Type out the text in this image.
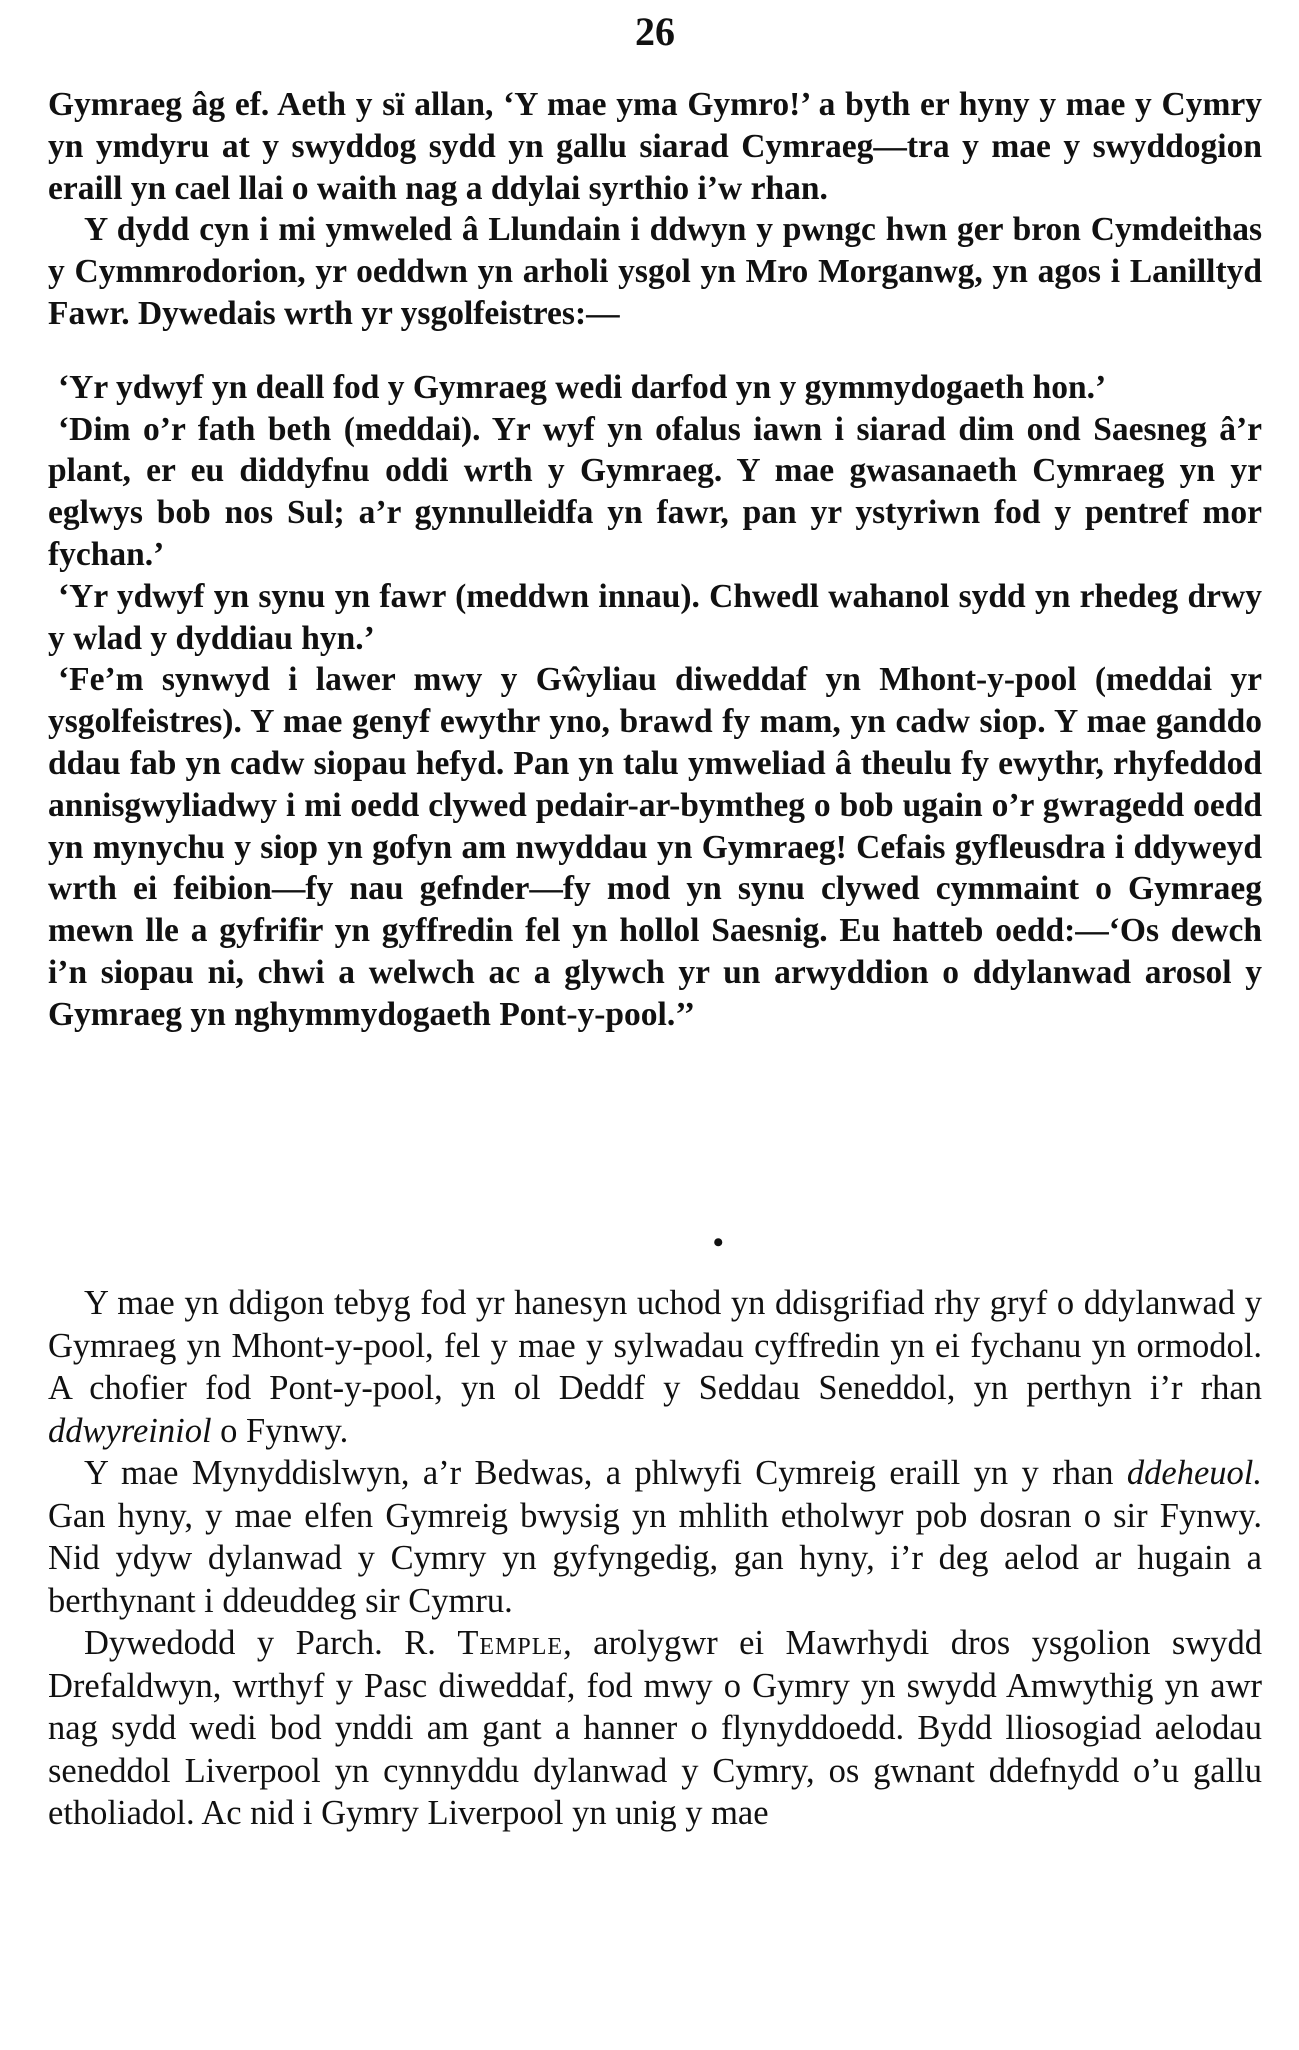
26

Gymraeg âg ef. Aeth y sï allan, ‘Y mae yma Gymro!’ a byth er hyny y mae y Cymry yn ymdyru at y swyddog sydd yn gallu siarad Cymraeg—tra y mae y swyddogion eraill yn cael llai o waith nag a ddylai syrthio i’w rhan.

Y dydd cyn i mi ymweled â Llundain i ddwyn y pwngc hwn ger bron Cymdeithas y Cymmrodorion, yr oeddwn yn arholi ysgol yn Mro Morganwg, yn agos i Lanilltyd Fawr. Dywedais wrth yr ysgolfeistres:—

‘Yr ydwyf yn deall fod y Gymraeg wedi darfod yn y gymmydogaeth hon.’

‘Dim o’r fath beth (meddai). Yr wyf yn ofalus iawn i siarad dim ond Saesneg â’r plant, er eu diddyfnu oddi wrth y Gymraeg. Y mae gwasanaeth Cymraeg yn yr eglwys bob nos Sul; a’r gynnulleidfa yn fawr, pan yr ystyriwn fod y pentref mor fychan.’

‘Yr ydwyf yn synu yn fawr (meddwn innau). Chwedl wahanol sydd yn rhedeg drwy y wlad y dyddiau hyn.’

‘Fe’m synwyd i lawer mwy y Gŵyliau diweddaf yn Mhont-y-pool (meddai yr ysgolfeistres). Y mae genyf ewythr yno, brawd fy mam, yn cadw siop. Y mae ganddo ddau fab yn cadw siopau hefyd. Pan yn talu ymweliad â theulu fy ewythr, rhyfeddod annisgwyliadwy i mi oedd clywed pedair-ar-bymtheg o bob ugain o’r gwragedd oedd yn mynychu y siop yn gofyn am nwyddau yn Gymraeg! Cefais gyfleusdra i ddyweyd wrth ei feibion—fy nau gefnder—fy mod yn synu clywed cymmaint o Gymraeg mewn lle a gyfrifir yn gyffredin fel yn hollol Saesnig. Eu hatteb oedd:—‘Os dewch i’n siopau ni, chwi a welwch ac a glywch yr un arwyddion o ddylanwad arosol y Gymraeg yn nghymmydogaeth Pont-y-pool.’’

•

Y mae yn ddigon tebyg fod yr hanesyn uchod yn ddisgrifiad rhy gryf o ddylanwad y Gymraeg yn Mhont-y-pool, fel y mae y sylwadau cyffredin yn ei fychanu yn ormodol. A chofier fod Pont-y-pool, yn ol Deddf y Seddau Seneddol, yn perthyn i’r rhan ddwyreiniol o Fynwy.

Y mae Mynyddislwyn, a’r Bedwas, a phlwyfi Cymreig eraill yn y rhan ddeheuol. Gan hyny, y mae elfen Gymreig bwysig yn mhlith etholwyr pob dosran o sir Fynwy. Nid ydyw dylanwad y Cymry yn gyfyngedig, gan hyny, i’r deg aelod ar hugain a berthynant i ddeuddeg sir Cymru.

Dywedodd y Parch. R. Temple, arolygwr ei Mawrhydi dros ysgolion swydd Drefaldwyn, wrthyf y Pasc diweddaf, fod mwy o Gymry yn swydd Amwythig yn awr nag sydd wedi bod ynddi am gant a hanner o flynyddoedd. Bydd lliosogiad aelodau seneddol Liverpool yn cynnyddu dylanwad y Cymry, os gwnant ddefnydd o’u gallu etholiadol. Ac nid i Gymry Liverpool yn unig y mae
